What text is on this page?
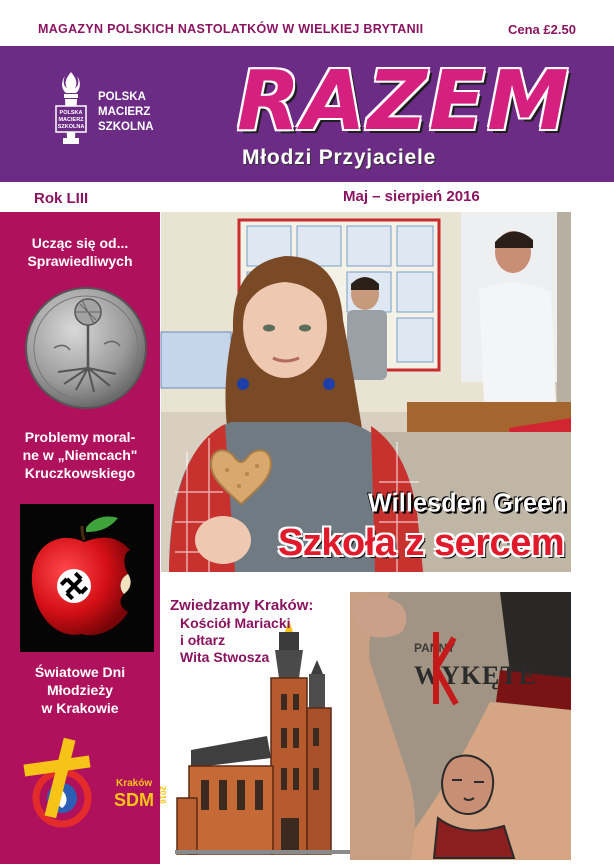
MAGAZYN POLSKICH NASTOLATKÓW W WIELKIEJ BRYTANII	Cena £2.50
POLSKA
MACIERZ
SZKOLNA
POLSKA
MACIERZ
SZKOLNA RAZEM
Młodzi Przyjaciele
Rok LIII	Maj – sierpień 2016
Ucząc się od...
Sprawiedliwych
Problemy moral-
ne w „Niemcach"
Kruczkowskiego
Światowe Dni
Młodzieży
w Krakowie
Kraków
SDM 2016
Willesden Green
Szkoła z sercem
Zwiedzamy Kraków:
Kościół Mariacki
i ołtarz
Wita Stwosza
PANNY
WYKĘTE
